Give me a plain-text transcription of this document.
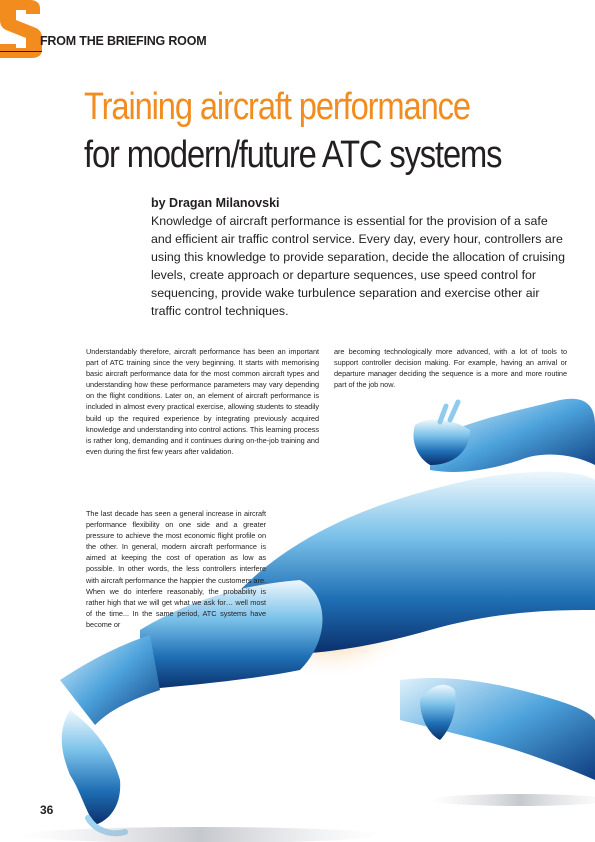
FROM THE BRIEFING ROOM
Training aircraft performance
for modern/future ATC systems
by Dragan Milanovski

Knowledge of aircraft performance is essential for the provision of a safe and efficient air traffic control service. Every day, every hour, controllers are using this knowledge to provide separation, decide the allocation of cruising levels, create approach or departure sequences, use speed control for sequencing, provide wake turbulence separation and exercise other air traffic control techniques.

Understandably therefore, aircraft performance has been an important part of ATC training since the very beginning. It starts with memorising basic aircraft performance data for the most common aircraft types and understanding how these performance parameters may vary depending on the flight conditions. Later on, an element of aircraft performance is included in almost every practical exercise, allowing students to steadily build up the required experience by integrating previously acquired knowledge and understanding into control actions. This learning process is rather long, demanding and it continues during on-the-job training and even during the first few years after validation.

The last decade has seen a general increase in aircraft performance flexibility on one side and a greater pressure to achieve the most economic flight profile on the other. In general, modern aircraft performance is aimed at keeping the cost of operation as low as possible. In other words, the less controllers interfere with aircraft performance the happier the customers are. When we do interfere reasonably, the probability is rather high that we will get what we ask for… well most of the time... In the same period, ATC systems have become or

are becoming technologically more advanced, with a lot of tools to support controller decision making. For example, having an arrival or departure manager deciding the sequence is a more and more routine part of the job now.

36
